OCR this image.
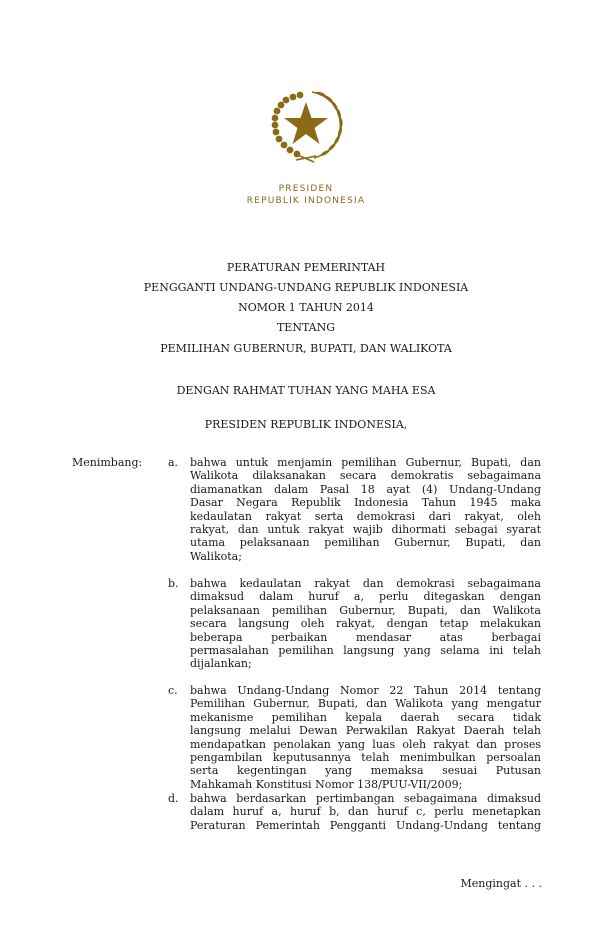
PRESIDEN
REPUBLIK INDONESIA
PERATURAN PEMERINTAH
PENGGANTI UNDANG-UNDANG REPUBLIK INDONESIA
NOMOR 1 TAHUN 2014
TENTANG
PEMILIHAN GUBERNUR, BUPATI, DAN WALIKOTA
DENGAN RAHMAT TUHAN YANG MAHA ESA
PRESIDEN REPUBLIK INDONESIA,
Menimbang: a. bahwa untuk menjamin pemilihan Gubernur, Bupati, dan
Walikota dilaksanakan secara demokratis sebagaimana
diamanatkan dalam Pasal 18 ayat (4) Undang-Undang
Dasar Negara Republik Indonesia Tahun 1945 maka
kedaulatan rakyat serta demokrasi dari rakyat, oleh
rakyat, dan untuk rakyat wajib dihormati sebagai syarat
utama pelaksanaan pemilihan Gubernur, Bupati, dan
Walikota;
b. bahwa kedaulatan rakyat dan demokrasi sebagaimana
dimaksud dalam huruf a, perlu ditegaskan dengan
pelaksanaan pemilihan Gubernur, Bupati, dan Walikota
secara langsung oleh rakyat, dengan tetap melakukan
beberapa perbaikan mendasar atas berbagai
permasalahan pemilihan langsung yang selama ini telah
dijalankan;
c. bahwa Undang-Undang Nomor 22 Tahun 2014 tentang
Pemilihan Gubernur, Bupati, dan Walikota yang mengatur
mekanisme pemilihan kepala daerah secara tidak
langsung melalui Dewan Perwakilan Rakyat Daerah telah
mendapatkan penolakan yang luas oleh rakyat dan proses
pengambilan keputusannya telah menimbulkan persoalan
serta kegentingan yang memaksa sesuai Putusan
Mahkamah Konstitusi Nomor 138/PUU-VII/2009;
d. bahwa berdasarkan pertimbangan sebagaimana dimaksud
dalam huruf a, huruf b, dan huruf c, perlu menetapkan
Peraturan Pemerintah Pengganti Undang-Undang tentang
Mengingat . . .
